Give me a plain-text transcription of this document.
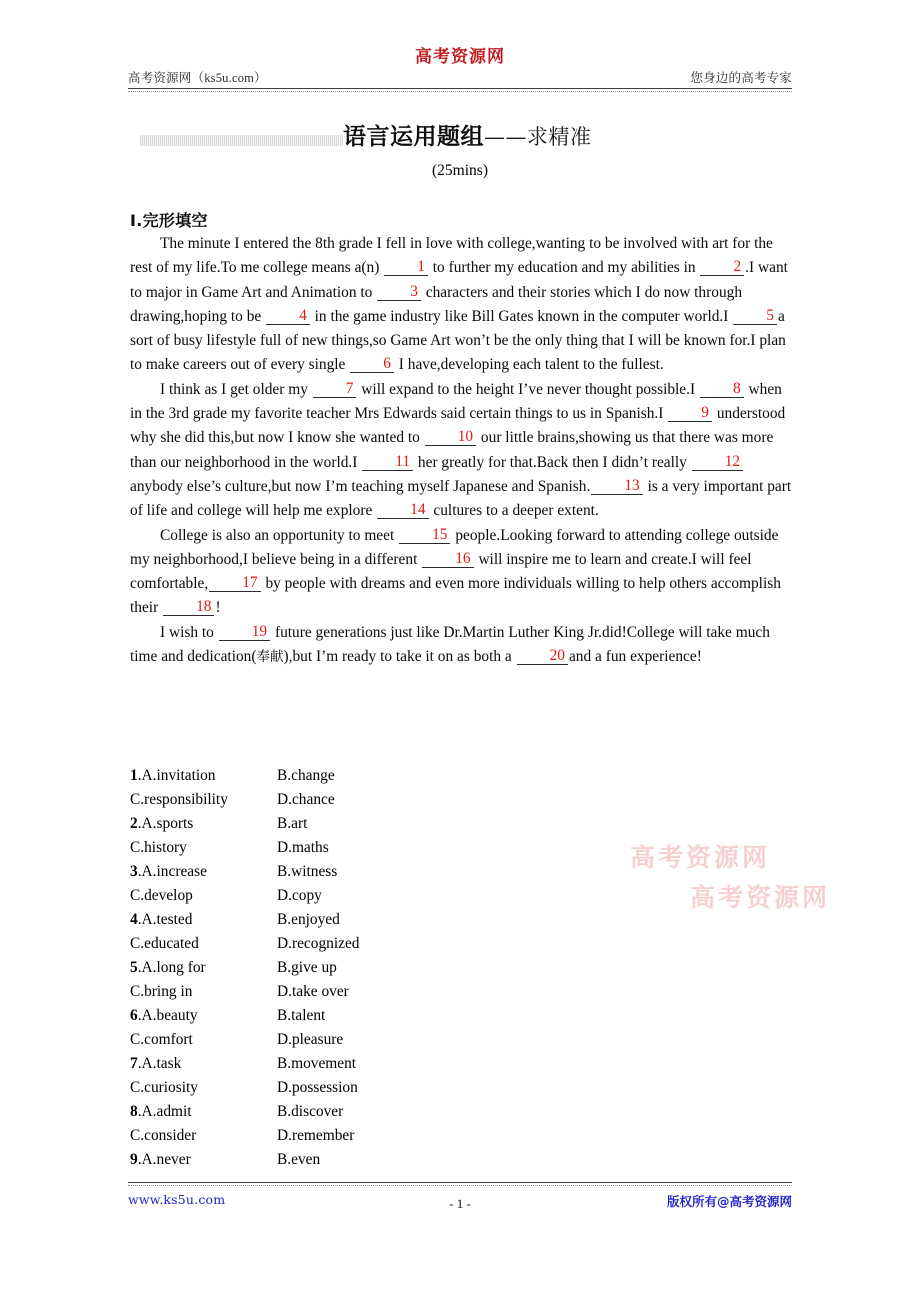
高考资源网
高考资源网（ks5u.com）	您身边的高考专家
语言运用题组——求精准
(25mins)
Ⅰ.完形填空

The minute I entered the 8th grade I fell in love with college,wanting to be involved with art for the rest of my life.To me college means a(n) 1 to further my education and my abilities in 2 .I want to major in Game Art and Animation to 3 characters and their stories which I do now through drawing,hoping to be 4 in the game industry like Bill Gates known in the computer world.I 5 a sort of busy lifestyle full of new things,so Game Art won’t be the only thing that I will be known for.I plan to make careers out of every single 6 I have,developing each talent to the fullest.

I think as I get older my 7 will expand to the height I’ve never thought possible.I 8 when in the 3rd grade my favorite teacher Mrs Edwards said certain things to us in Spanish.I 9 understood why she did this,but now I know she wanted to 10 our little brains,showing us that there was more than our neighborhood in the world.I 11 her greatly for that.Back then I didn’t really 12 anybody else’s culture,but now I’m teaching myself Japanese and Spanish. 13 is a very important part of life and college will help me explore 14 cultures to a deeper extent.

College is also an opportunity to meet 15 people.Looking forward to attending college outside my neighborhood,I believe being in a different 16 will inspire me to learn and create.I will feel comfortable, 17 by people with dreams and even more individuals willing to help others accomplish their 18 !

I wish to 19 future generations just like Dr.Martin Luther King Jr.did!College will take much time and dedication(奉献),but I’m ready to take it on as both a 20 and a fun experience!

1.A.invitation	B.change
C.responsibility	D.chance
2.A.sports	B.art
C.history	D.maths
3.A.increase	B.witness
C.develop	D.copy
4.A.tested	B.enjoyed
C.educated	D.recognized
5.A.long for	B.give up
C.bring in	D.take over
6.A.beauty	B.talent
C.comfort	D.pleasure
7.A.task	B.movement
C.curiosity	D.possession
8.A.admit	B.discover
C.consider	D.remember
9.A.never	B.even
高考资源网
高考资源网
www.ks5u.com	- 1 -	版权所有@高考资源网
